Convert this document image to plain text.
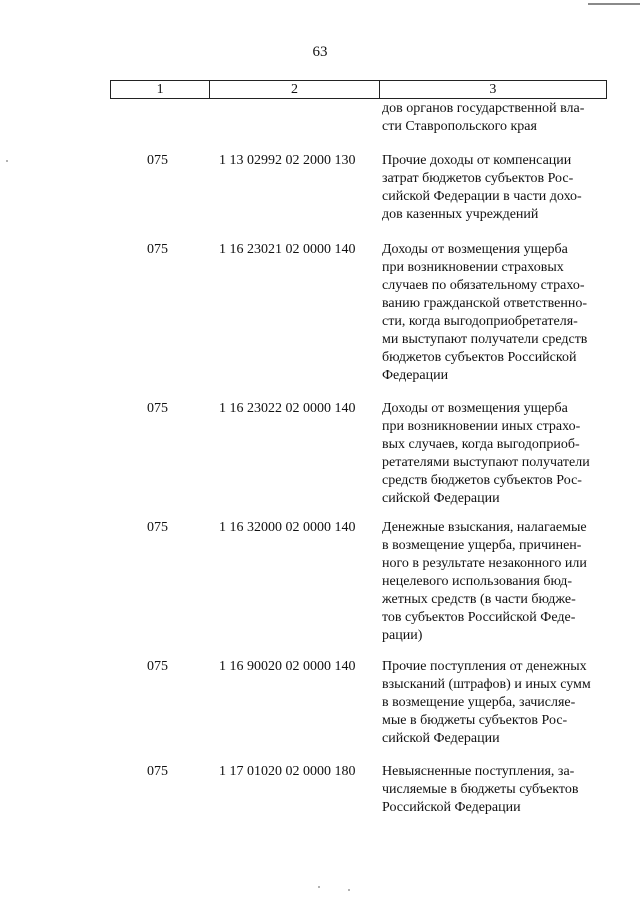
63
1	2	3
дов органов государственной вла-
сти Ставропольского края
075	1 13 02992 02 2000 130 Прочие доходы от компенсации
затрат бюджетов субъектов Рос-
сийской Федерации в части дохо-
дов казенных учреждений
075	1 16 23021 02 0000 140 Доходы от возмещения ущерба
при возникновении страховых
случаев по обязательному страхо-
ванию гражданской ответственно-
сти, когда выгодоприобретателя-
ми выступают получатели средств
бюджетов субъектов Российской
Федерации
075	1 16 23022 02 0000 140 Доходы от возмещения ущерба
при возникновении иных страхо-
вых случаев, когда выгодоприоб-
ретателями выступают получатели
средств бюджетов субъектов Рос-
сийской Федерации
075	1 16 32000 02 0000 140 Денежные взыскания, налагаемые
в возмещение ущерба, причинен-
ного в результате незаконного или
нецелевого использования бюд-
жетных средств (в части бюдже-
тов субъектов Российской Феде-
рации)
075	1 16 90020 02 0000 140 Прочие поступления от денежных
взысканий (штрафов) и иных сумм
в возмещение ущерба, зачисляе-
мые в бюджеты субъектов Рос-
сийской Федерации
075	1 17 01020 02 0000 180 Невыясненные поступления, за-
числяемые в бюджеты субъектов
Российской Федерации
